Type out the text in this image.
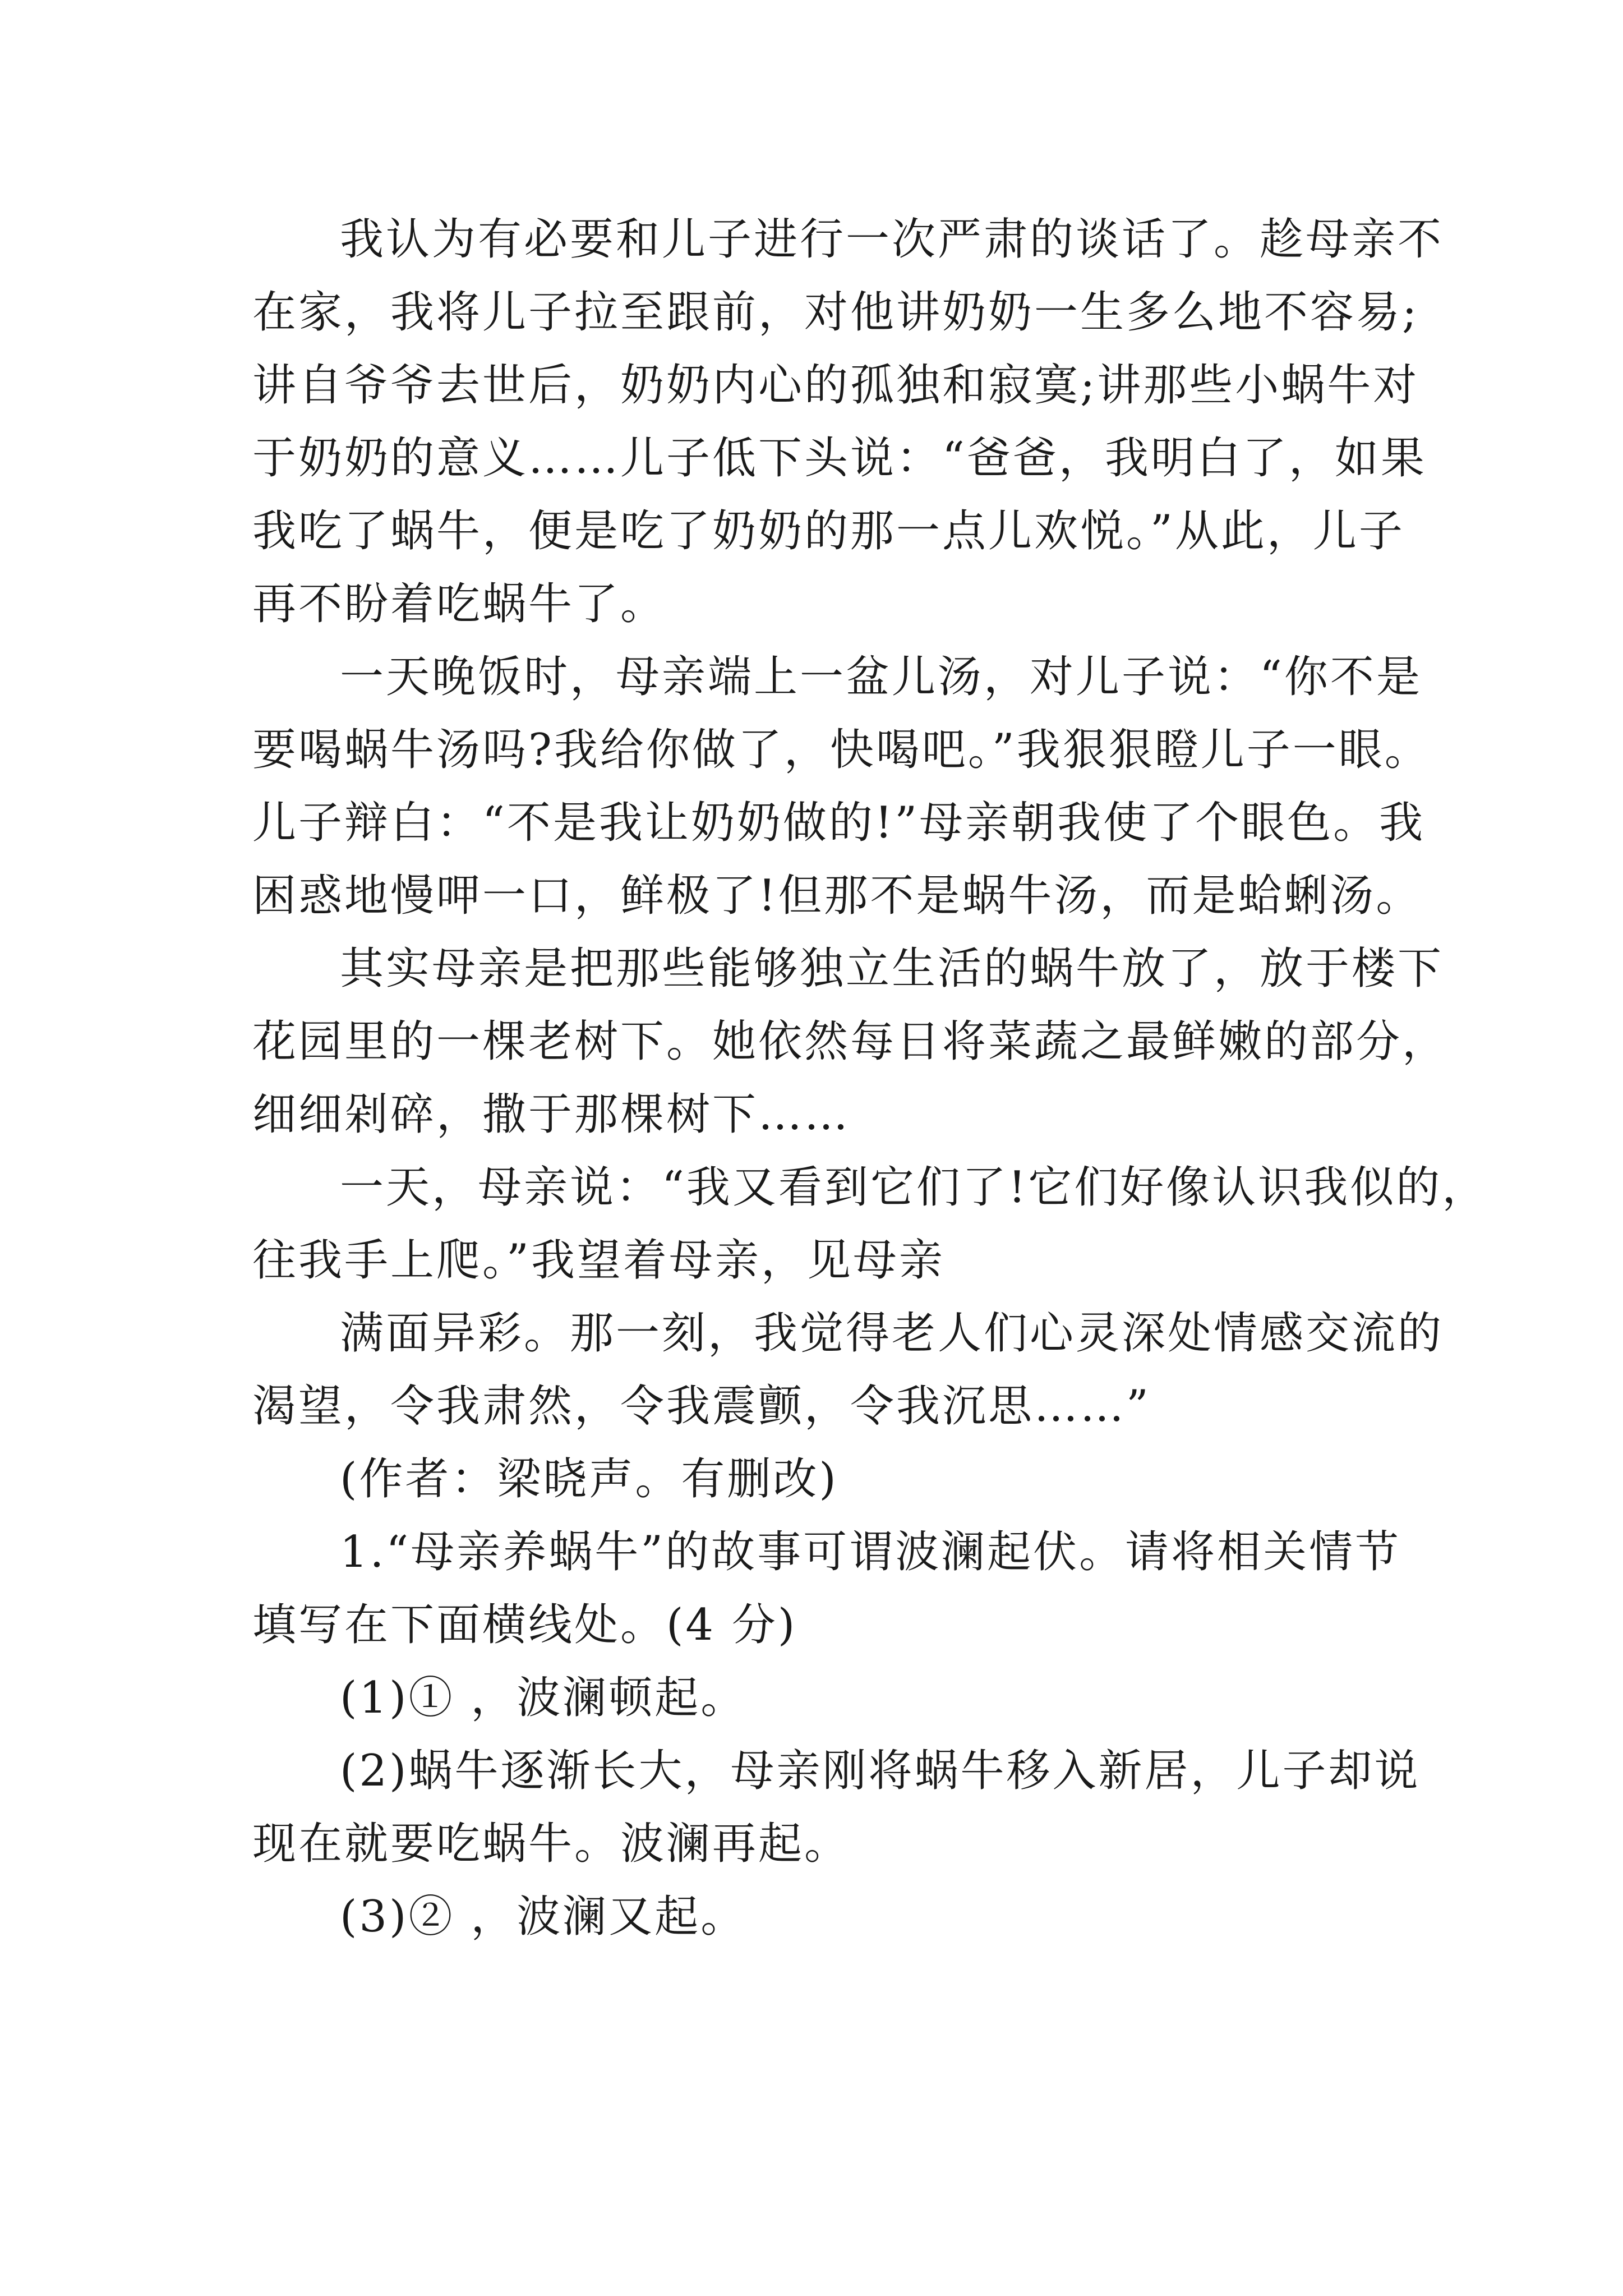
我认为有必要和儿子进行一次严肃的谈话了。趁母亲不
在家，我将儿子拉至跟前，对他讲奶奶一生多么地不容易;
讲自爷爷去世后，奶奶内心的孤独和寂寞;讲那些小蜗牛对
于奶奶的意义……儿子低下头说：“爸爸，我明白了，如果
我吃了蜗牛，便是吃了奶奶的那一点儿欢悦。”从此，儿子
再不盼着吃蜗牛了。

一天晚饭时，母亲端上一盆儿汤，对儿子说：“你不是
要喝蜗牛汤吗?我给你做了，快喝吧。”我狠狠瞪儿子一眼。
儿子辩白：“不是我让奶奶做的!”母亲朝我使了个眼色。我
困惑地慢呷一口，鲜极了!但那不是蜗牛汤，而是蛤蜊汤。

其实母亲是把那些能够独立生活的蜗牛放了，放于楼下
花园里的一棵老树下。她依然每日将菜蔬之最鲜嫩的部分，
细细剁碎，撒于那棵树下……

一天，母亲说：“我又看到它们了!它们好像认识我似的，
往我手上爬。”我望着母亲，见母亲

满面异彩。那一刻，我觉得老人们心灵深处情感交流的
渴望，令我肃然，令我震颤，令我沉思……”

(作者：梁晓声。有删改)

1.“母亲养蜗牛”的故事可谓波澜起伏。请将相关情节
填写在下面横线处。(4 分)

(1)① ，波澜顿起。

(2)蜗牛逐渐长大，母亲刚将蜗牛移入新居，儿子却说
现在就要吃蜗牛。波澜再起。

(3)② ，波澜又起。
